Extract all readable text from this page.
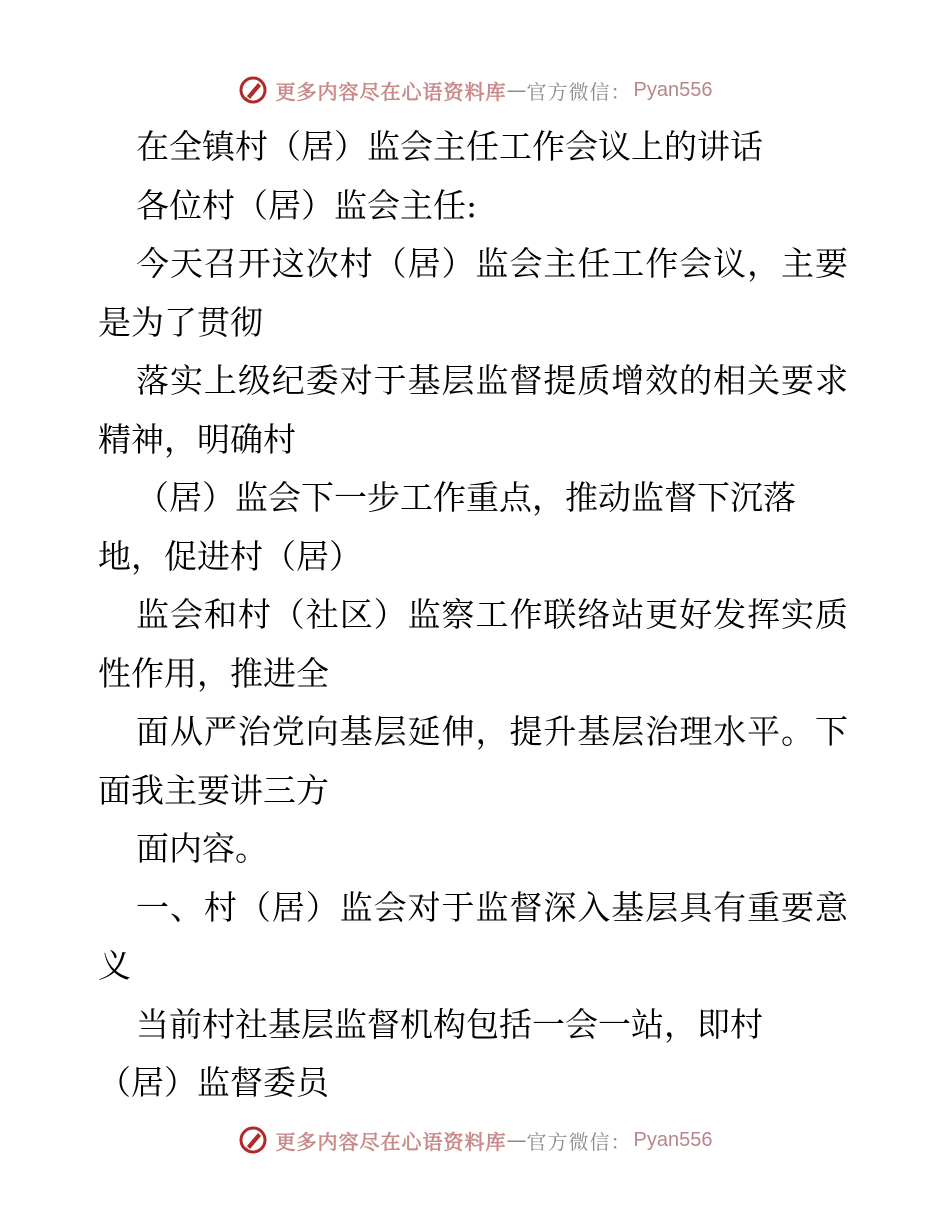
更多内容尽在心语资料库 — 官方微信： Pyan556
在全镇村（居）监会主任工作会议上的讲话
各位村（居）监会主任:
今天召开这次村（居）监会主任工作会议，主要
是为了贯彻
落实上级纪委对于基层监督提质增效的相关要求
精神，明确村
（居）监会下一步工作重点，推动监督下沉落
地，促进村（居）
监会和村（社区）监察工作联络站更好发挥实质
性作用，推进全
面从严治党向基层延伸，提升基层治理水平。下
面我主要讲三方
面内容。
一、村（居）监会对于监督深入基层具有重要意
义
当前村社基层监督机构包括一会一站，即村
（居）监督委员
更多内容尽在心语资料库 — 官方微信： Pyan556
